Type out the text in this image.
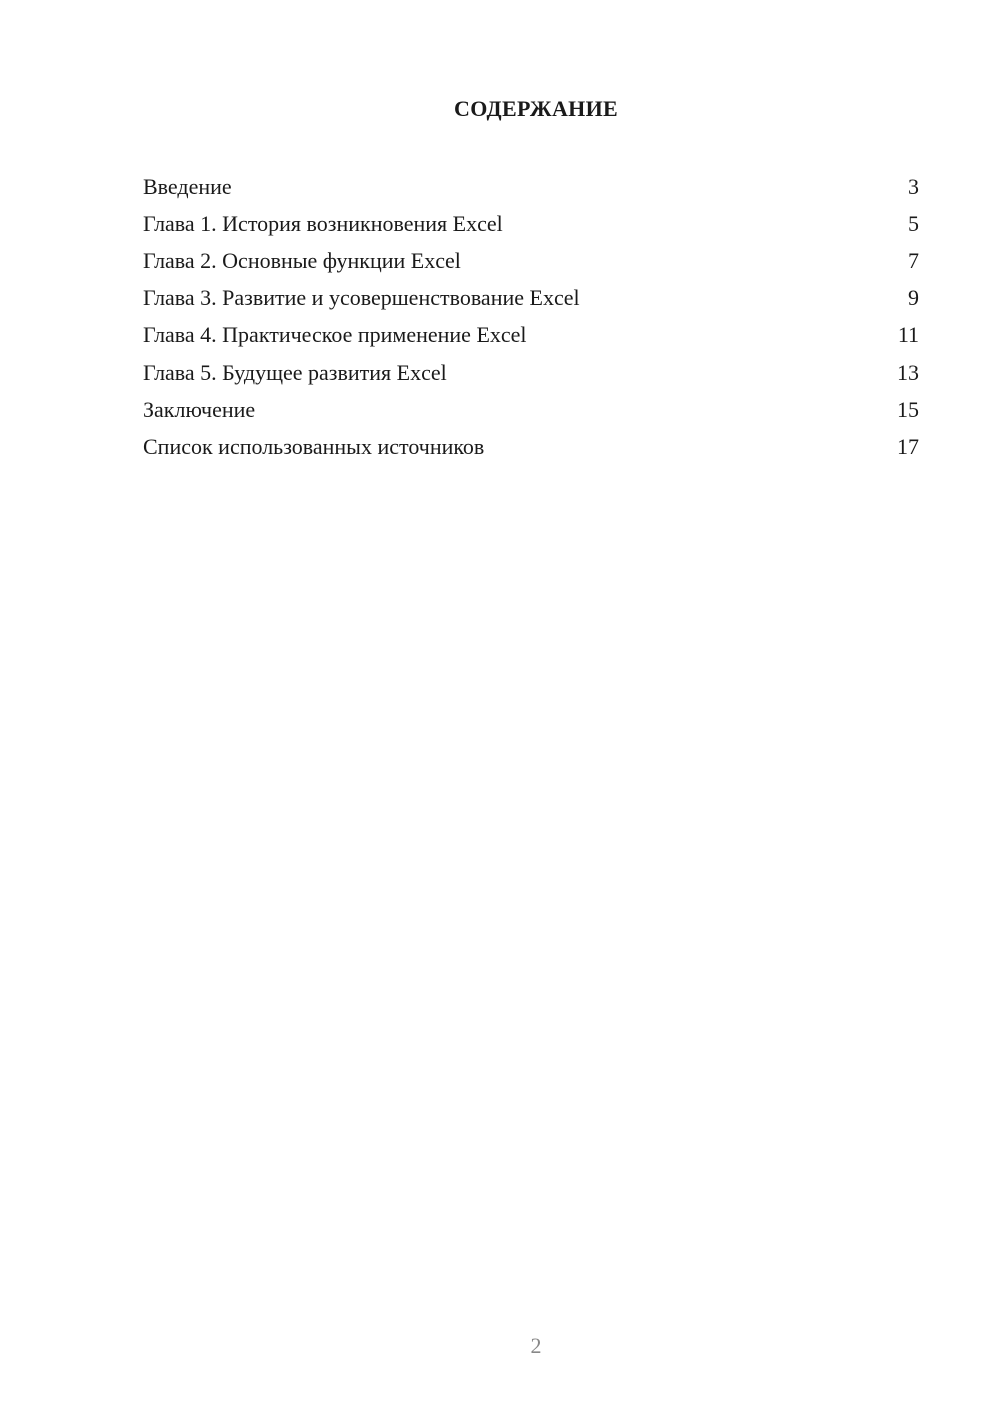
СОДЕРЖАНИЕ
Введение	3
Глава 1. История возникновения Excel	5
Глава 2. Основные функции Excel	7
Глава 3. Развитие и усовершенствование Excel	9
Глава 4. Практическое применение Excel	11
Глава 5. Будущее развития Excel	13
Заключение	15
Список использованных источников	17
2
